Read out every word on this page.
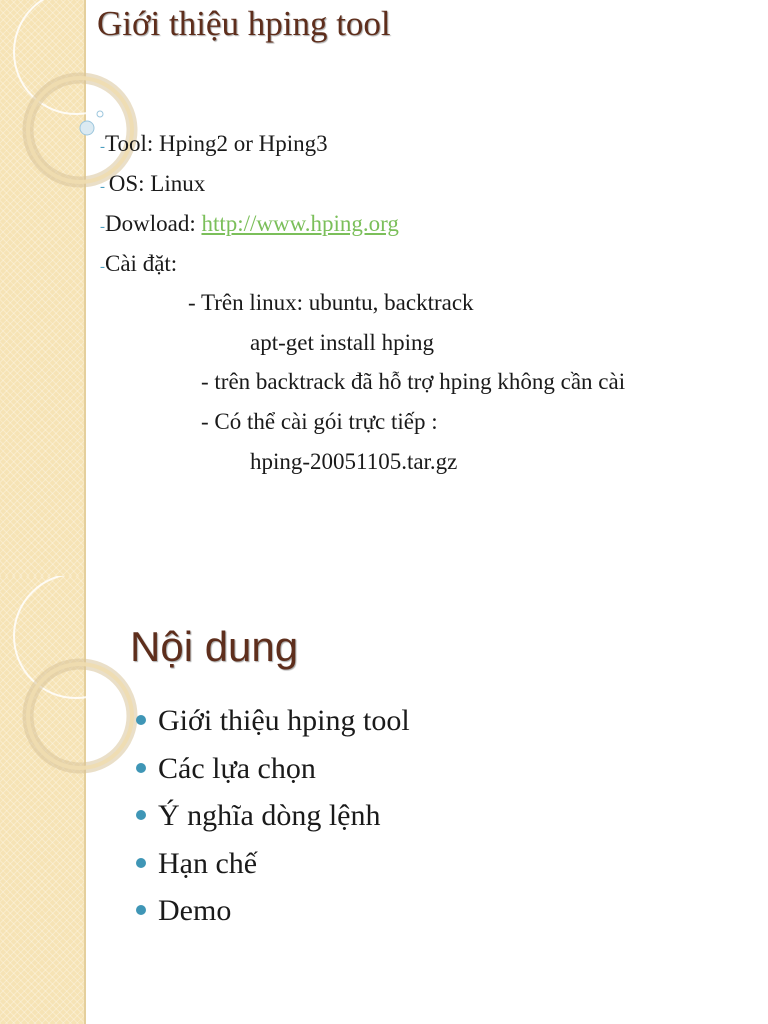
Giới thiệu hping tool

-Tool: Hping2 or Hping3

- OS: Linux

-Dowload: http://www.hping.org

-Cài đặt:

- Trên linux: ubuntu, backtrack

apt-get install hping

- trên backtrack đã hỗ trợ hping không cần cài

- Có thể cài gói trực tiếp :

hping-20051105.tar.gz

Nội dung
Giới thiệu hping tool
Các lựa chọn
Ý nghĩa dòng lệnh
Hạn chế
Demo
